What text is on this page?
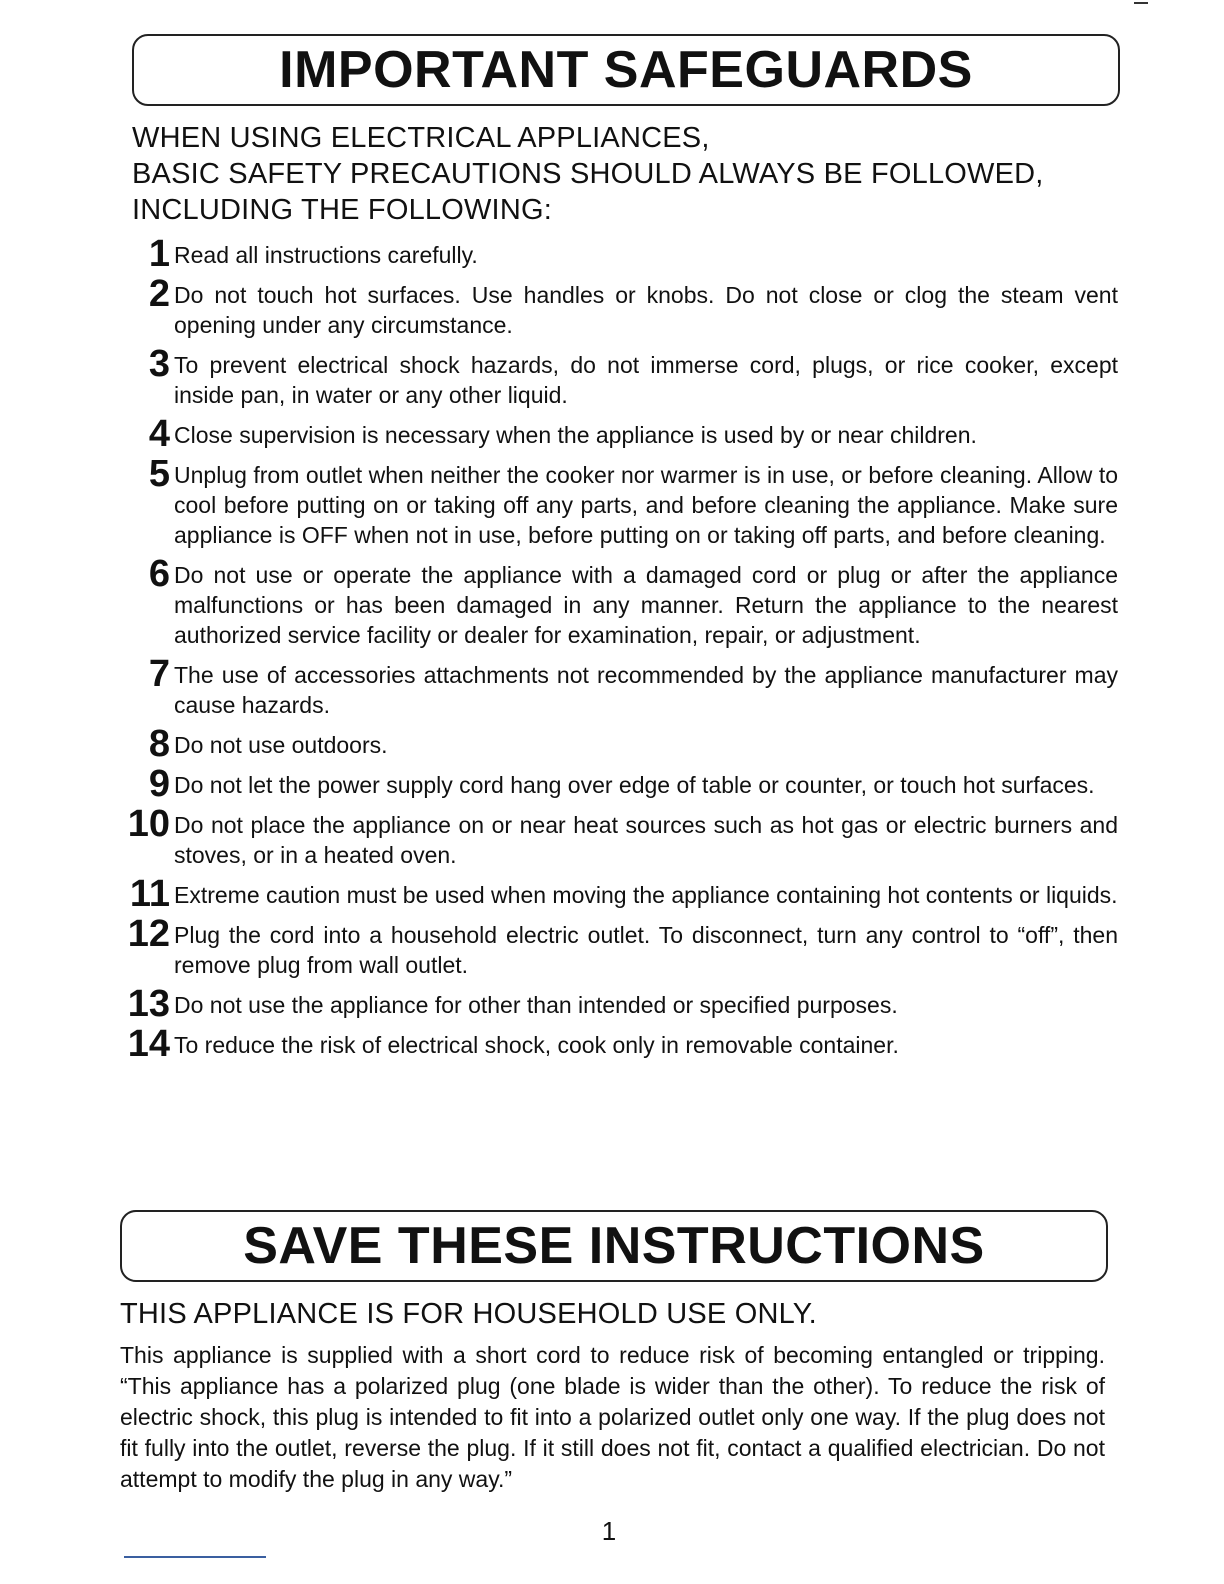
IMPORTANT SAFEGUARDS
WHEN USING ELECTRICAL APPLIANCES,
BASIC SAFETY PRECAUTIONS SHOULD ALWAYS BE FOLLOWED,
INCLUDING THE FOLLOWING:
1 Read all instructions carefully.
2 Do not touch hot surfaces. Use handles or knobs. Do not close or clog the steam vent opening under any circumstance.
3 To prevent electrical shock hazards, do not immerse cord, plugs, or rice cooker, except inside pan, in water or any other liquid.
4 Close supervision is necessary when the appliance is used by or near children.
5 Unplug from outlet when neither the cooker nor warmer is in use, or before cleaning. Allow to cool before putting on or taking off any parts, and before cleaning the appliance. Make sure appliance is OFF when not in use, before putting on or taking off parts, and before cleaning.
6 Do not use or operate the appliance with a damaged cord or plug or after the appliance malfunctions or has been damaged in any manner. Return the appliance to the nearest authorized service facility or dealer for examination, repair, or adjustment.
7 The use of accessories attachments not recommended by the appliance manufacturer may cause hazards.
8 Do not use outdoors.
9 Do not let the power supply cord hang over edge of table or counter, or touch hot surfaces.
10 Do not place the appliance on or near heat sources such as hot gas or electric burners and stoves, or in a heated oven.
11 Extreme caution must be used when moving the appliance containing hot contents or liquids.
12 Plug the cord into a household electric outlet. To disconnect, turn any control to “off”, then remove plug from wall outlet.
13 Do not use the appliance for other than intended or specified purposes.
14 To reduce the risk of electrical shock, cook only in removable container.
SAVE THESE INSTRUCTIONS
THIS APPLIANCE IS FOR HOUSEHOLD USE ONLY.
This appliance is supplied with a short cord to reduce risk of becoming entangled or tripping. “This appliance has a polarized plug (one blade is wider than the other). To reduce the risk of electric shock, this plug is intended to fit into a polarized outlet only one way. If the plug does not fit fully into the outlet, reverse the plug. If it still does not fit, contact a qualified electrician. Do not attempt to modify the plug in any way.”
1
